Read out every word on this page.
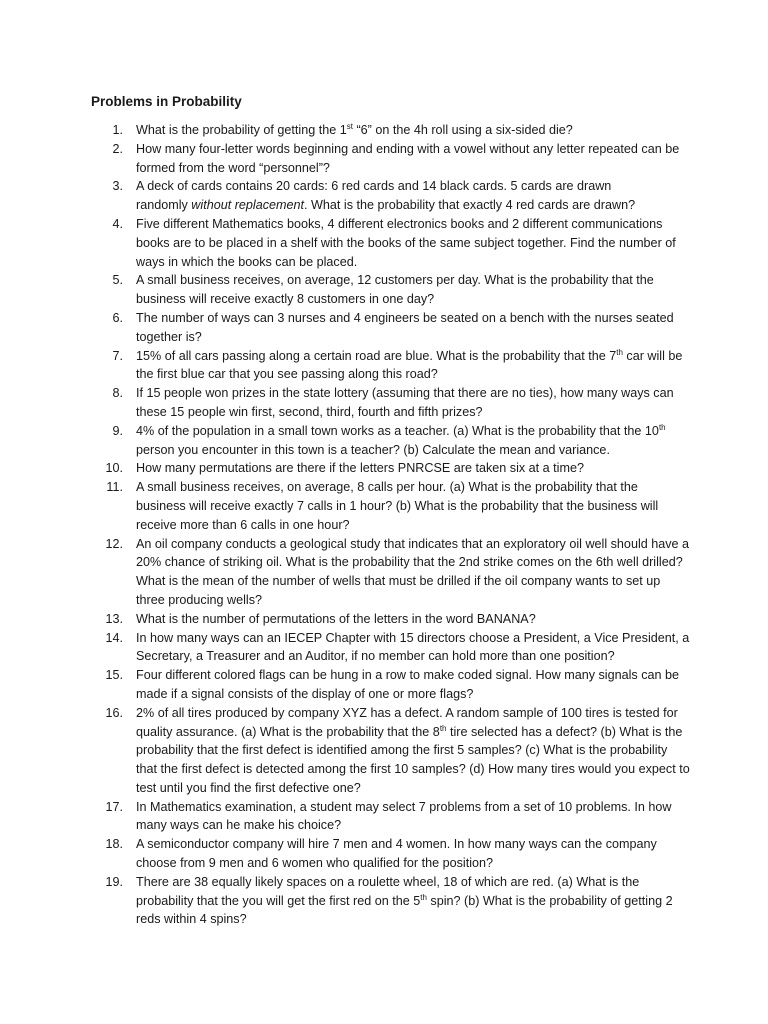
Problems in Probability
1. What is the probability of getting the 1st “6” on the 4h roll using a six-sided die?
2. How many four-letter words beginning and ending with a vowel without any letter repeated can be formed from the word “personnel”?
3. A deck of cards contains 20 cards: 6 red cards and 14 black cards. 5 cards are drawn
randomly without replacement. What is the probability that exactly 4 red cards are drawn?
4. Five different Mathematics books, 4 different electronics books and 2 different communications books are to be placed in a shelf with the books of the same subject together. Find the number of ways in which the books can be placed.
5. A small business receives, on average, 12 customers per day. What is the probability that the business will receive exactly 8 customers in one day?
6. The number of ways can 3 nurses and 4 engineers be seated on a bench with the nurses seated together is?
7. 15% of all cars passing along a certain road are blue. What is the probability that the 7th car will be the first blue car that you see passing along this road?
8. If 15 people won prizes in the state lottery (assuming that there are no ties), how many ways can these 15 people win first, second, third, fourth and fifth prizes?
9. 4% of the population in a small town works as a teacher. (a) What is the probability that the 10th person you encounter in this town is a teacher? (b) Calculate the mean and variance.
10. How many permutations are there if the letters PNRCSE are taken six at a time?
11. A small business receives, on average, 8 calls per hour. (a) What is the probability that the business will receive exactly 7 calls in 1 hour? (b) What is the probability that the business will receive more than 6 calls in one hour?
12. An oil company conducts a geological study that indicates that an exploratory oil well should have a 20% chance of striking oil. What is the probability that the 2nd strike comes on the 6th well drilled? What is the mean of the number of wells that must be drilled if the oil company wants to set up three producing wells?
13. What is the number of permutations of the letters in the word BANANA?
14. In how many ways can an IECEP Chapter with 15 directors choose a President, a Vice President, a Secretary, a Treasurer and an Auditor, if no member can hold more than one position?
15. Four different colored flags can be hung in a row to make coded signal. How many signals can be made if a signal consists of the display of one or more flags?
16. 2% of all tires produced by company XYZ has a defect. A random sample of 100 tires is tested for quality assurance. (a) What is the probability that the 8th tire selected has a defect? (b) What is the probability that the first defect is identified among the first 5 samples? (c) What is the probability that the first defect is detected among the first 10 samples? (d) How many tires would you expect to test until you find the first defective one?
17. In Mathematics examination, a student may select 7 problems from a set of 10 problems. In how many ways can he make his choice?
18. A semiconductor company will hire 7 men and 4 women. In how many ways can the company choose from 9 men and 6 women who qualified for the position?
19. There are 38 equally likely spaces on a roulette wheel, 18 of which are red. (a) What is the probability that the you will get the first red on the 5th spin? (b) What is the probability of getting 2 reds within 4 spins?
